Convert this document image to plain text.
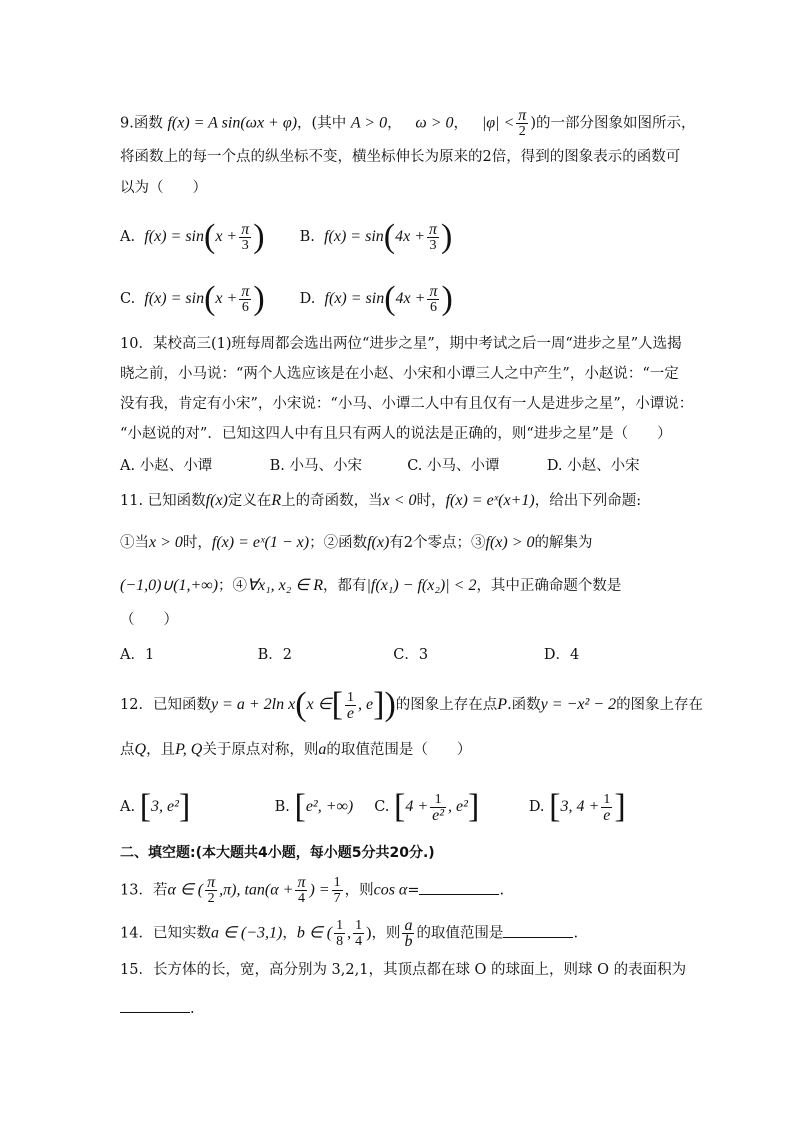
9.函数 f(x) = A sin(ωx + φ)，(其中 A > 0，   ω > 0，   $|\varphi| < \frac{\pi}{2}$ )的一部分图象如图所示，
将函数上的每一个点的纵坐标不变，横坐标伸长为原来的2倍，得到的图象表示的函数可
以为（　　）
A. $f(x) = \sin(x + \frac{\pi}{3}$ ) B. $f(x) = \sin(4x + \frac{\pi}{3}$ )
C. $f(x) = \sin(x + \frac{\pi}{6}$ ) D. $f(x) = \sin(4x + \frac{\pi}{6}$ )
10．某校高三(1)班每周都会选出两位“进步之星”，期中考试之后一周“进步之星”人选揭
晓之前，小马说：“两个人选应该是在小赵、小宋和小谭三人之中产生”，小赵说：“一定
没有我，肯定有小宋”，小宋说：“小马、小谭二人中有且仅有一人是进步之星”，小谭说：
“小赵说的对”．已知这四人中有且只有两人的说法是正确的，则“进步之星”是（　　）
A. 小赵、小谭	B. 小马、小宋	C. 小马、小谭	D. 小赵、小宋
11. 已知函数f(x)定义在R上的奇函数，当x < 0时，f(x) = eˣ(x+1)，给出下列命题:
①当x > 0时，f(x) = eˣ(1 − x)；②函数f(x)有2个零点；③f(x) > 0的解集为
(−1,0)∪(1,+∞)；④∀x₁, x₂ ∈ R，都有|f(x₁) − f(x₂)| < 2，其中正确命题个数是
（　　）
A．1	B．2	C．3	D．4
12．已知函数y = a + 2ln x(x ∈[ $\frac{1}{e}$ , e])的图象上存在点P.函数y = −x² − 2的图象上存在
点Q，且P, Q关于原点对称，则a的取值范围是（　　）
A. [3, e²]	B. [e², +∞) C. [$4 + \frac{1}{\text{e²}}$ , e²]	D. [3, $4 + \frac{1}{e}$ ]
二、填空题:(本大题共4小题，每小题5分共20分.)
13．若α ∈ ( $\frac{\pi}{2} ,\pi$), $\tan(\alpha + \frac{\pi}{4}$ ) = $\frac{1}{7}$ ，则cos α=	.
14．已知实数a ∈ (−3,1)，b ∈ ( $\frac{1}{8}$ , $\frac{1}{4}$ )，则 $\frac{a}{b}$ 的取值范围是	.
15．长方体的长，宽，高分别为 3,2,1，其顶点都在球 O 的球面上，则球 O 的表面积为
.
